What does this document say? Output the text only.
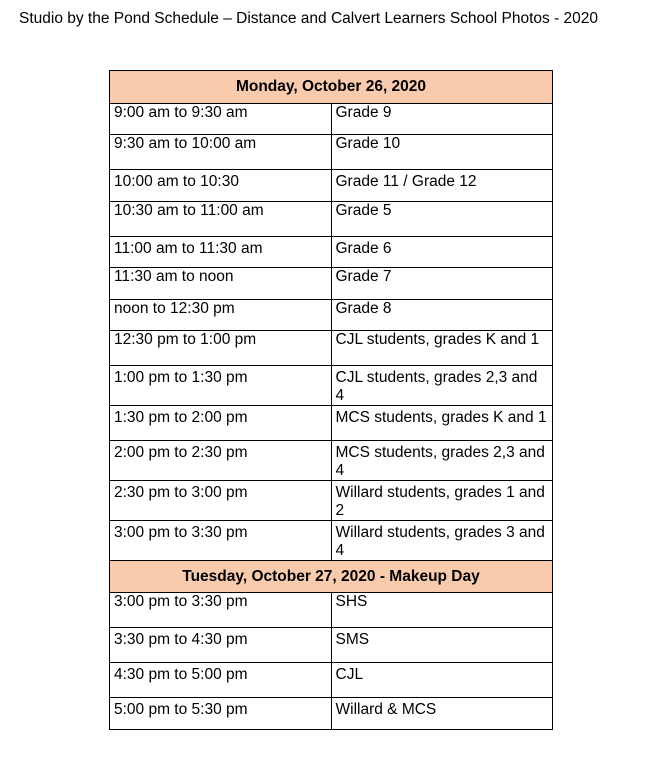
Studio by the Pond Schedule – Distance and Calvert Learners School Photos - 2020
Monday, October 26, 2020	
9:00 am to 9:30 am	Grade 9
9:30 am to 10:00 am	Grade 10
10:00 am to 10:30	Grade 11 / Grade 12
10:30 am to 11:00 am	Grade 5
11:00 am to 11:30 am	Grade 6
11:30 am to noon	Grade 7
noon to 12:30 pm	Grade 8
12:30 pm to 1:00 pm	CJL students, grades K and 1
1:00 pm to 1:30 pm	CJL students, grades 2,3 and 4
1:30 pm to 2:00 pm	MCS students, grades K and 1
2:00 pm to 2:30 pm	MCS students, grades 2,3 and 4
2:30 pm to 3:00 pm	Willard students, grades 1 and 2
3:00 pm to 3:30 pm	Willard students, grades 3 and 4
Tuesday, October 27, 2020 - Makeup Day	
3:00 pm to 3:30 pm	SHS
3:30 pm to 4:30 pm	SMS
4:30 pm to 5:00 pm	CJL
5:00 pm to 5:30 pm	Willard & MCS
